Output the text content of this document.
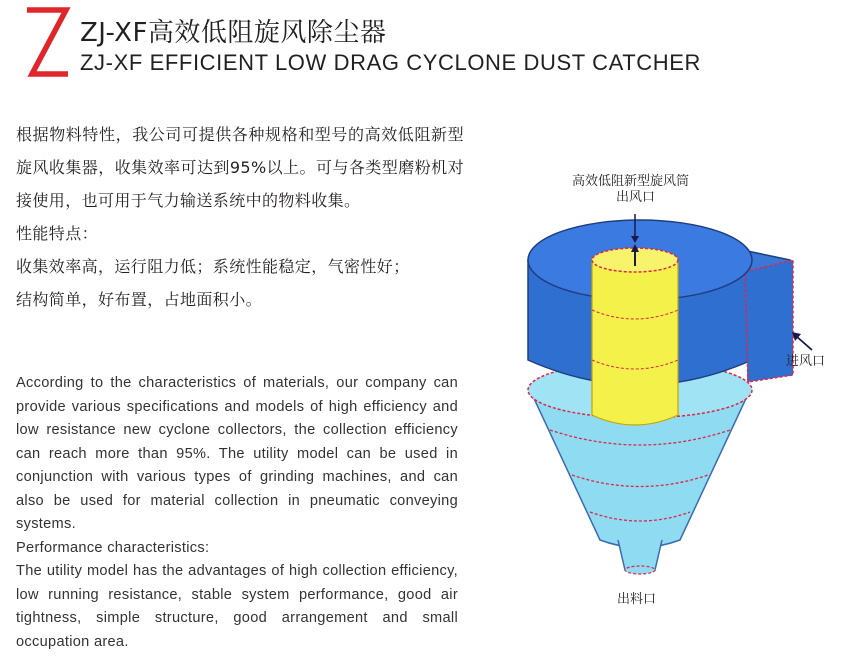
ZJ-XF高效低阻旋风除尘器
ZJ-XF EFFICIENT LOW DRAG CYCLONE DUST CATCHER

根据物料特性，我公司可提供各种规格和型号的高效低阻新型旋风收集器，收集效率可达到95%以上。可与各类型磨粉机对接使用，也可用于气力输送系统中的物料收集。

性能特点：

收集效率高，运行阻力低；系统性能稳定，气密性好；

结构简单，好布置，占地面积小。

According to the characteristics of materials, our company can provide various specifications and models of high efficiency and low resistance new cyclone collectors, the collection efficiency can reach more than 95%. The utility model can be used in conjunction with various types of grinding machines, and can also be used for material collection in pneumatic conveying systems.

Performance characteristics:

The utility model has the advantages of high collection efficiency, low running resistance, stable system performance, good air tightness, simple structure, good arrangement and small occupation area.

高效低阻新型旋风筒
出风口
进风口
出料口
